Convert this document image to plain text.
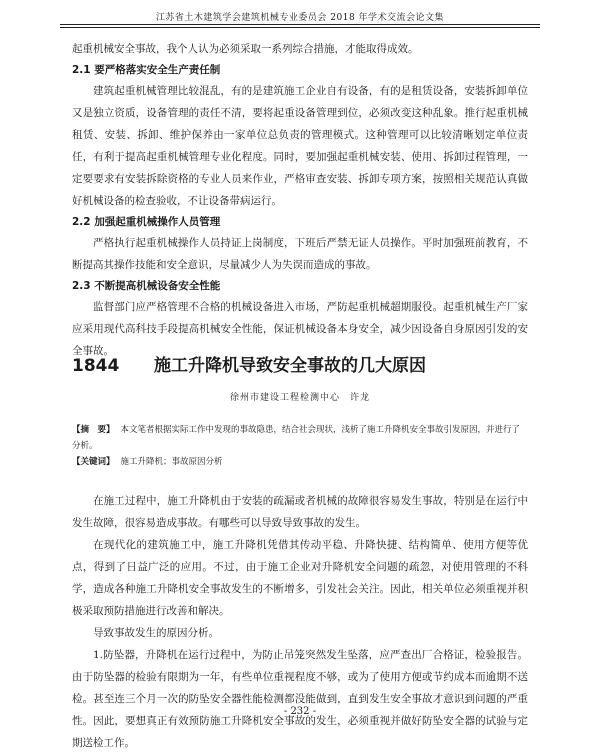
江苏省土木建筑学会建筑机械专业委员会 2018 年学术交流会论文集

起重机械安全事故，我个人认为必须采取一系列综合措施，才能取得成效。

2.1 要严格落实安全生产责任制

建筑起重机械管理比较混乱，有的是建筑施工企业自有设备，有的是租赁设备，安装拆卸单位又是独立资质，设备管理的责任不清，要将起重设备管理到位，必须改变这种乱象。推行起重机械租赁、安装、拆卸、维护保养由一家单位总负责的管理模式。这种管理可以比较清晰划定单位责任，有利于提高起重机械管理专业化程度。同时，要加强起重机械安装、使用、拆卸过程管理，一定要要求有安装拆除资格的专业人员来作业，严格审查安装、拆卸专项方案，按照相关规范认真做好机械设备的检查验收，不让设备带病运行。

2.2 加强起重机械操作人员管理

严格执行起重机械操作人员持证上岗制度，下班后严禁无证人员操作。平时加强班前教育，不断提高其操作技能和安全意识，尽量减少人为失误而造成的事故。

2.3 不断提高机械设备安全性能

监督部门应严格管理不合格的机械设备进入市场，严防起重机械超期服役。起重机械生产厂家应采用现代高科技手段提高机械安全性能，保证机械设备本身安全，减少因设备自身原因引发的安全事故。

1844 施工升降机导致安全事故的几大原因
徐州市建设工程检测中心　许龙
【摘　要】 本文笔者根据实际工作中发现的事故隐患，结合社会现状，浅析了施工升降机安全事故引发原因，并进行了分析。
【关键词】 施工升降机；事故原因分析

在施工过程中，施工升降机由于安装的疏漏或者机械的故障很容易发生事故，特别是在运行中发生故障，很容易造成事故。有哪些可以导致导致事故的发生。

在现代化的建筑施工中，施工升降机凭借其传动平稳、升降快捷、结构简单、使用方便等优点，得到了日益广泛的应用。不过，由于施工企业对升降机安全问题的疏忽，对使用管理的不科学，造成各种施工升降机安全事故发生的不断增多，引发社会关注。因此，相关单位必须重视并积极采取预防措施进行改善和解决。

导致事故发生的原因分析。

1.防坠器，升降机在运行过程中，为防止吊笼突然发生坠落，应严查出厂合格证，检验报告。由于防坠器的检验有限期为一年，有些单位重视程度不够，或为了使用方便或节约成本而逾期不送检。甚至连三个月一次的防坠安全器性能检测都没能做到，直到发生安全事故才意识到问题的严重性。因此，要想真正有效预防施工升降机安全事故的发生，必须重视并做好防坠安全器的试验与定期送检工作。

- 232 -
